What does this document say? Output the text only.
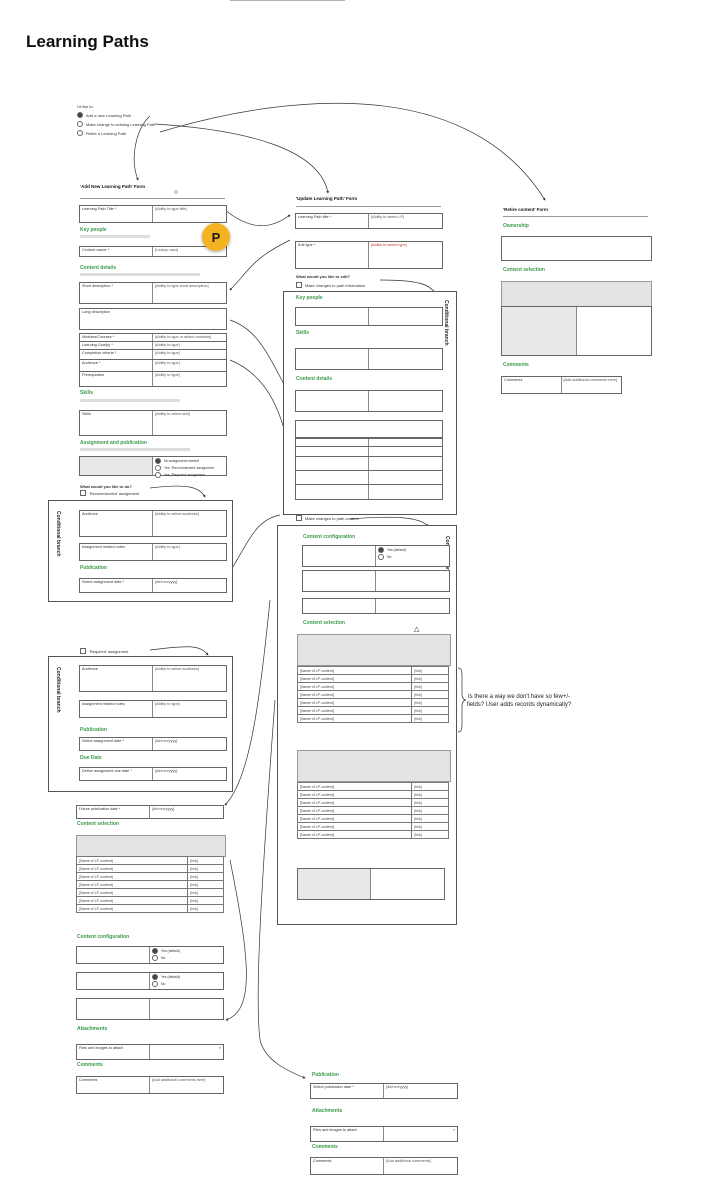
Learning Paths
I'd like to:
Add a new Learning Path
Make change to existing Learning Path
Retire a Learning Path
'Add New Learning Path' Form
Learning Path Title *	[Ability to type title]
Key people
Content owner *	[Lookup user]
P
Content details
Short description *	[Ability to type short description]
Long description
Modules/Courses *	[Ability to type or attach modules]
Learning Goal(s) *	[Ability to type]
Completion criteria *	[Ability to type]
Audience *	[Ability to type]
Prerequisites	[Ability to type]
Skills
Skills	[Ability to select skill]
Assignment and publication
No assignment needed
Yes, 'Recommended' assignment
Yes, 'Required' assignment
What would you like to do?
'Recommended' assignment
Conditional branch	Audience	[Ability to select audience]
Assignment related notes	[Ability to type]
Publication
Select assignment date *	[dd/mm/yyyy]
'Required' assignment
Conditional branch	Audience	[Ability to select audience]
Assignment related notes	[Ability to type]
Publication
Select assignment date *	[dd/mm/yyyy]
Due Date
Define assignment due date *	[dd/mm/yyyy]
Future publication date *	[dd/mm/yyyy]
Content selection
[Name of LP content]	[link]
[Name of LP content]	[link]
[Name of LP content]	[link]
[Name of LP content]	[link]
[Name of LP content]	[link]
[Name of LP content]	[link]
[Name of LP content]	[link]
Content configuration
Yes (default)
No
Yes (default)
No
Attachments
Files and images to attach	⌕
Comments
Comments	[Add additional comments here]
'Update Learning Path' Form
Learning Path title *	[Ability to select LP]
Edit type *	[Ability to select type]
What would you like to edit?
Make changes to path information
Conditional branch
Key people
Skills
Content details
Make changes to path content
Content configuration
Yes (default)
No
Content selection
△
[Name of LP content]	[link]
[Name of LP content]	[link]
[Name of LP content]	[link]
[Name of LP content]	[link]
[Name of LP content]	[link]
[Name of LP content]	[link]
[Name of LP content]	[link]
[Name of LP content]	[link]
[Name of LP content]	[link]
[Name of LP content]	[link]
[Name of LP content]	[link]
[Name of LP content]	[link]
[Name of LP content]	[link]
[Name of LP content]	[link]
Is there a way we don't have so few+/-fields? User adds records dynamically?
Publication
Select publication date *	[dd/mm/yyyy]
Attachments
Files and images to attach	⌕
Comments
Comments	[Add additional comments]
'Retire content' Form
Ownership
Content selection
Comments
Comments	[Add additional comments here]
